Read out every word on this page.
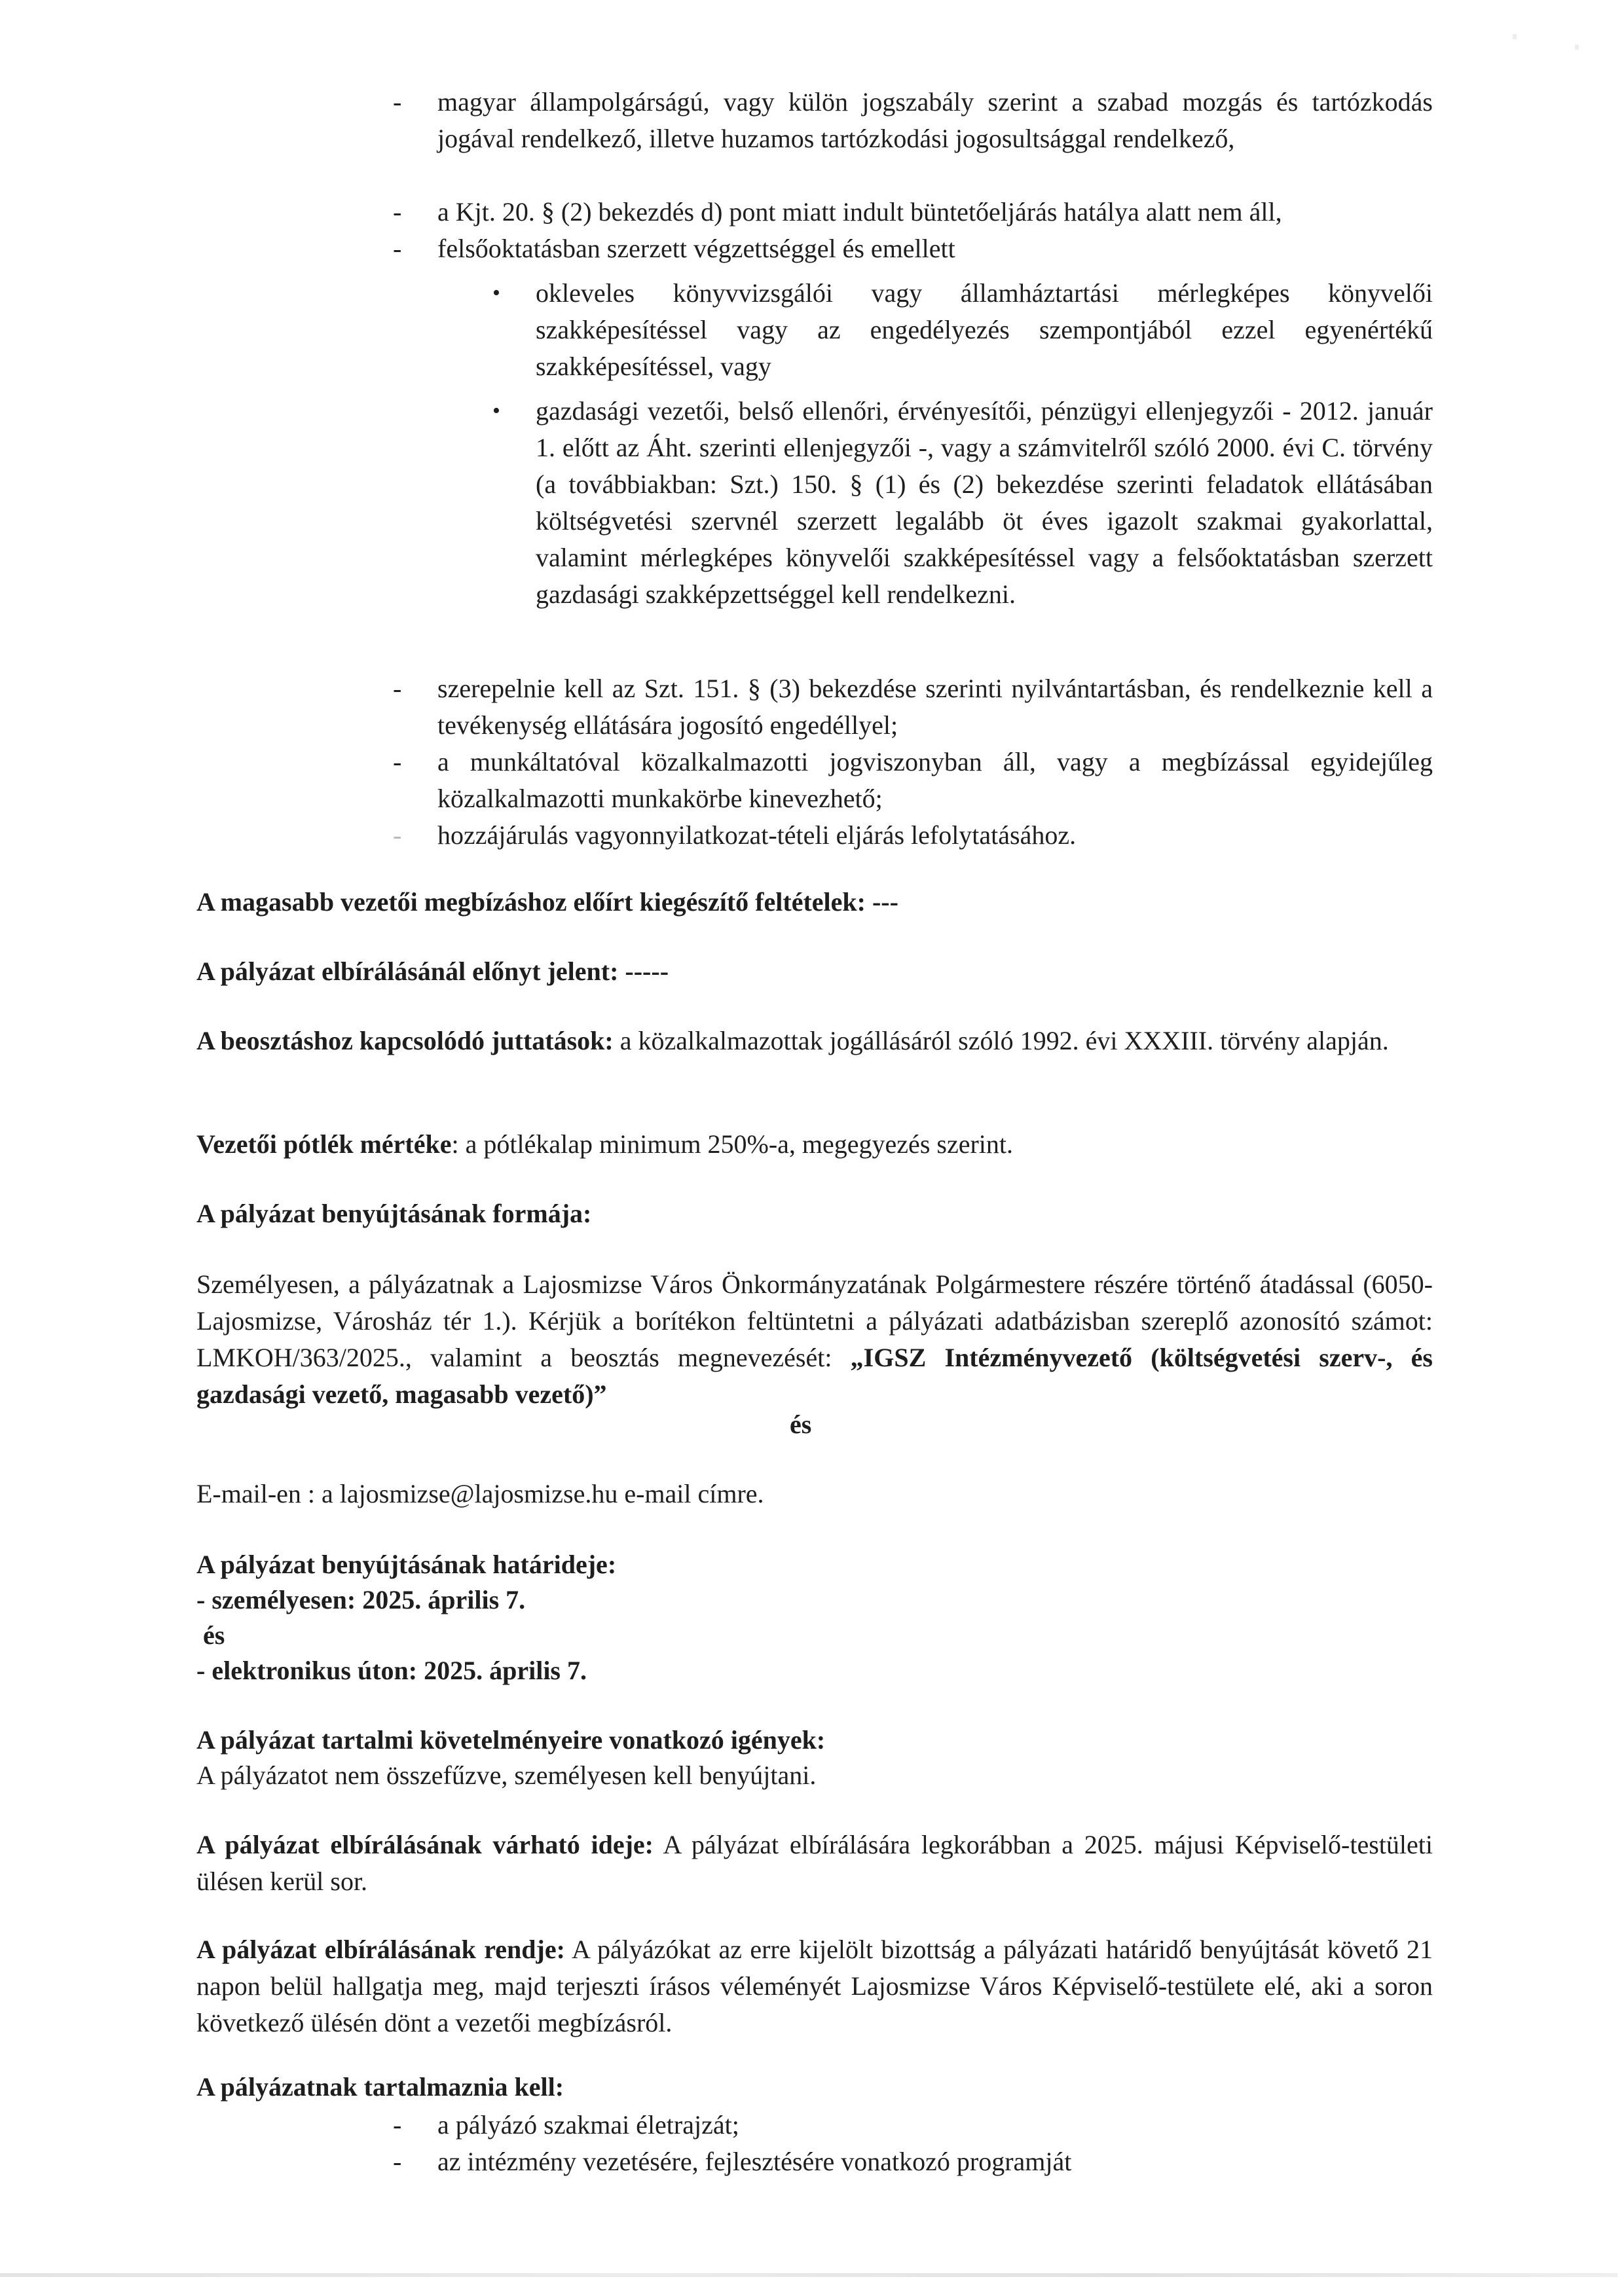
-	magyar állampolgárságú, vagy külön jogszabály szerint a szabad mozgás és tartózkodás jogával rendelkező, illetve huzamos tartózkodási jogosultsággal rendelkező,
-	a Kjt. 20. § (2) bekezdés d) pont miatt indult büntetőeljárás hatálya alatt nem áll,
-	felsőoktatásban szerzett végzettséggel és emellett
•	okleveles könyvvizsgálói vagy államháztartási mérlegképes könyvelői szakképesítéssel vagy az engedélyezés szempontjából ezzel egyenértékű szakképesítéssel, vagy
•	gazdasági vezetői, belső ellenőri, érvényesítői, pénzügyi ellenjegyzői - 2012. január 1. előtt az Áht. szerinti ellenjegyzői -, vagy a számvitelről szóló 2000. évi C. törvény (a továbbiakban: Szt.) 150. § (1) és (2) bekezdése szerinti feladatok ellátásában költségvetési szervnél szerzett legalább öt éves igazolt szakmai gyakorlattal, valamint mérlegképes könyvelői szakképesítéssel vagy a felsőoktatásban szerzett gazdasági szakképzettséggel kell rendelkezni.
-	szerepelnie kell az Szt. 151. § (3) bekezdése szerinti nyilvántartásban, és rendelkeznie kell a tevékenység ellátására jogosító engedéllyel;
-	a munkáltatóval közalkalmazotti jogviszonyban áll, vagy a megbízással egyidejűleg közalkalmazotti munkakörbe kinevezhető;
-	hozzájárulás vagyonnyilatkozat-tételi eljárás lefolytatásához.
A magasabb vezetői megbízáshoz előírt kiegészítő feltételek: ---
A pályázat elbírálásánál előnyt jelent: -----
A beosztáshoz kapcsolódó juttatások: a közalkalmazottak jogállásáról szóló 1992. évi XXXIII. törvény alapján.
Vezetői pótlék mértéke: a pótlékalap minimum 250%-a, megegyezés szerint.
A pályázat benyújtásának formája:
Személyesen, a pályázatnak a Lajosmizse Város Önkormányzatának Polgármestere részére történő átadással (6050-Lajosmizse, Városház tér 1.). Kérjük a borítékon feltüntetni a pályázati adatbázisban szereplő azonosító számot: LMKOH/363/2025., valamint a beosztás megnevezését: „IGSZ Intézményvezető (költségvetési szerv-, és gazdasági vezető, magasabb vezető)”
és
E-mail-en : a lajosmizse@lajosmizse.hu e-mail címre.
A pályázat benyújtásának határideje:
- személyesen: 2025. április 7.
és
- elektronikus úton: 2025. április 7.
A pályázat tartalmi követelményeire vonatkozó igények:
A pályázatot nem összefűzve, személyesen kell benyújtani.
A pályázat elbírálásának várható ideje: A pályázat elbírálására legkorábban a 2025. májusi Képviselő-testületi ülésen kerül sor.
A pályázat elbírálásának rendje: A pályázókat az erre kijelölt bizottság a pályázati határidő benyújtását követő 21 napon belül hallgatja meg, majd terjeszti írásos véleményét Lajosmizse Város Képviselő-testülete elé, aki a soron következő ülésén dönt a vezetői megbízásról.
A pályázatnak tartalmaznia kell:
-	a pályázó szakmai életrajzát;
-	az intézmény vezetésére, fejlesztésére vonatkozó programját
